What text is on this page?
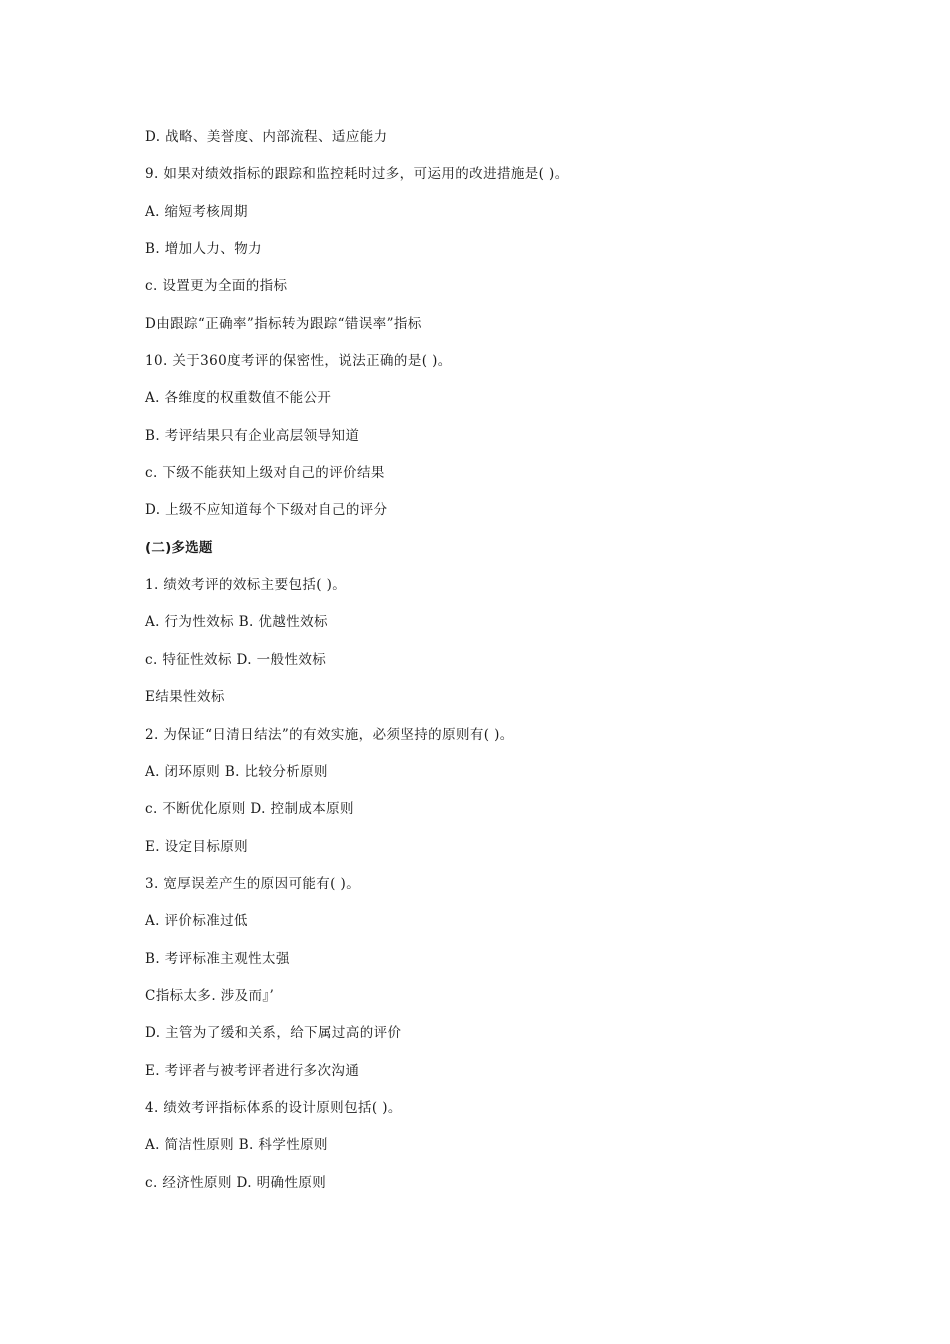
D. 战略、美誉度、内部流程、适应能力
9. 如果对绩效指标的跟踪和监控耗时过多，可运用的改进措施是( )。
A. 缩短考核周期
B. 增加人力、物力
c. 设置更为全面的指标
D由跟踪“正确率”指标转为跟踪“错误率”指标
10. 关于360度考评的保密性，说法正确的是( )。
A. 各维度的权重数值不能公开
B. 考评结果只有企业高层领导知道
c. 下级不能获知上级对自己的评价结果
D. 上级不应知道每个下级对自己的评分
(二)多选题
1. 绩效考评的效标主要包括( )。
A. 行为性效标 B. 优越性效标
c. 特征性效标 D. 一般性效标
E结果性效标
2. 为保证“日清日结法”的有效实施，必须坚持的原则有( )。
A. 闭环原则 B. 比较分析原则
c. 不断优化原则 D. 控制成本原则
E. 设定目标原则
3. 宽厚误差产生的原因可能有( )。
A. 评价标准过低
B. 考评标准主观性太强
C指标太多. 涉及而』’
D. 主管为了缓和关系，给下属过高的评价
E. 考评者与被考评者进行多次沟通
4. 绩效考评指标体系的设计原则包括( )。
A. 简洁性原则 B. 科学性原则
c. 经济性原则 D. 明确性原则
